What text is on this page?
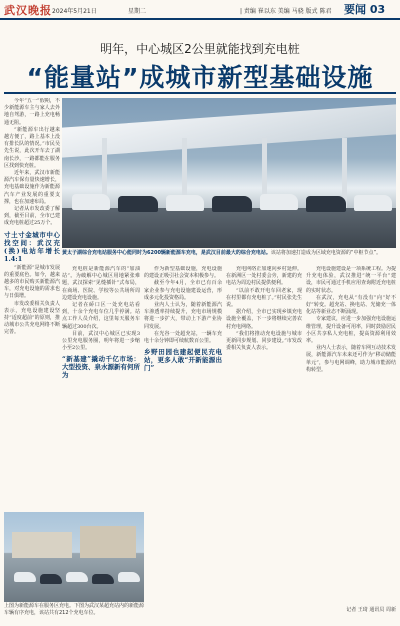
武汉晚报 2024年5月21日	星期二	| 责编 崔以东 美编 马骁 版式 陈君 要闻 03
明年，中心城区2公里就能找到充电桩
“能量站”成城市新型基础设施

今年“五一”假期，不少新能源车主与家人去外地自驾游，一路上充电畅通无阻。

“新能源车出行越来越方便了，路上基本上没有排长队的情况。”市民吴先生说，此次开车去了湖南长沙，一路都能在服务区找到快充桩。

近年来，武汉市新能源汽车保有量快速增长，充电基础设施作为新能源汽车产业发展的重要支撑，也在加速布局。

记者从市发改委了解到，截至目前，全市已建成充电桩超过25万个。

寸土寸金城市中心找空间：武汉充(换)电站年增长1.4:1

“新能源”是城市发展的重要底色。如今，越来越多的市民购买新能源汽车，对充电设施的需求也与日俱增。

市发改委相关负责人表示，充电设施建设坚持“适度超前”的原则，推动城市公共充电网络不断完善。

黄太子湖综合充电站服务中心能同时为6200辆新能源车充电，是武汉目前最大的综合充电站。该站将加速打造成为区域充电资源的“中枢节点”。

充电桩是新能源汽车的“加油站”。为破解中心城区用地紧张难题，武汉探索“见缝插针”式布局，在商场、医院、学校等公共场所周边建设充电设施。

记者在硚口区一处充电站看到，十余个充电车位几乎停满。站点工作人员介绍，这里每天服务车辆超过300台次。

目前，武汉中心城区已实现3公里充电服务圈，明年将进一步缩小至2公里。

“新基建”撬动千亿市场：大型投资、泉水源新有何所为

作为新型基础设施，充电设施的建设正吸引社会资本积极参与。

截至今年4月，全市已有百余家企业参与充电设施建设运营，形成多元化投资格局。

业内人士认为，随着新能源汽车渗透率持续提升，充电市场规模将进一步扩大，带动上下游产业协同发展。

在光谷一处超充站，一辆车充电十余分钟即可续航数百公里。

乡野田园也建起便民充电站，更多人敢“开新能源出门”

充电网络正加速向乡村延伸。在新洲区一处村委会旁，新建的充电站为周边村民提供便利。

“以前不敢开电车回老家，现在村里都有充电桩了。”村民张先生说。

据介绍，全市已实现乡镇充电设施全覆盖，下一步将继续完善农村充电网络。

“我们将推动充电设施与城市更新同步规划、同步建设。”市发改委相关负责人表示。

充电设施建设是一项系统工程。为提升充电体验，武汉推进“统一平台”建设，市民可通过手机应用查询附近充电桩的实时状态。

在武汉，充电从“有没有”向“好不好”转变。超充站、换电站、光储充一体化站等新业态不断涌现。

专家建议，应进一步加强充电设施运维管理，提升设备可用率，同时鼓励居民小区共享私人充电桩，提高资源利用效率。

业内人士表示，随着车网互动技术发展，新能源汽车未来还可作为“移动储能单元”，参与电网调峰，助力城市能源结构转型。

上图为新能源车在服务区充电。下图为武汉某超充站内的新能源车辆有序充电，该站共有212个充电车位。	记者 王琦 通讯员 周新
